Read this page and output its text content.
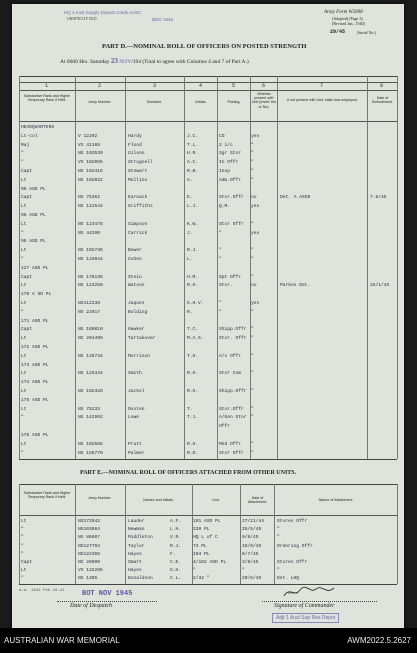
HQ 1 Aust Supply Depots Cmds AASC
UNSPECIFIED	BNO 1945
Army Form W3008
(Adapted) (Page 3)
(Revised Jan., 1940)
29/45	(Serial No.)
PART D.—NOMINAL ROLL OF OFFICERS ON POSTED STRENGTH
At 0600 Hrs. Saturday 23 NOV/194 (Total to agree with Columns 4 and 7 of Part A.)
1	2	3	4	5	6	7	8
Substantive Rank and Higher Temporary Rank if Held.	Army Number.	Surname.	Initials.	Posting.
Whether present with Unit (Insert Yes or No).
If not present with Unit, state how employed.	Date of Embodiment.
HEADQUARTERS
Lt-col	V 12202	Hardy	J.C.	CO	yes
Maj	VX 41108	Flood	T.L.	2 i/c	"
"	NX 103530	Gilson	H.R.	Sgr Stor	"
"	VX 102056	Strugnell	A.C.	In Offr	"
Capt	NX 102416	Stewart	R.B.	Insp	"
Lt	NX 102022	Mullins	A.	Adm.Offr	"
96 ASD PL
Capt	NX 75362	Earnack	E.	Stor.Offr	no	Det. A ASOD	7.8/45
Lt	NX 112544	Griffiths	L.J.	Q.M.	yes
98 ASD PL
Lt	NX 123478	Simpson	K.W.	Stor Offr	"
"	NX 44290	Carrick	J.	"	yes
95 ASD PL
Lt	NX 102746	Bower	R.J.	"	"
"	NX 134044	Cohen	L.	"	"
127 ASD PL
Capt	NX 176136	Stein	H.M.	Spt Offr	"
Lt	NX 123250	Watson	R.H.	Stor.	no	Parkes Det.	25/1/45
170 A SD PL
Lt	NX112238	Jaques	G.H.V.	"	yes
"	NX 22917	Bolding	R.	"	"
171 ASD PL
Capt	NX 180810	Hawker	T.C.	Shipp.Offr "
Lt	NX 204499	Tartakover	M.A.S.	Stor. Offr "
172 ASD PL
Lt	NX 135734	Morrison	T.H.	A/s Offr	"
173 ASD PL
Lt	NX 125444	Smith	R.H.	Stor Com	"
174 ASD PL
Lt	NX 102320	Jackel	R.H.	Shipp.Offr "
175 ASD PL
Lt	NX 75233	Oxsten	T.	Stor.Offr	"
"	NX 142992	Lowe	T.J.	A/Gen Stor "
Offr
176 ASD PL
Lt	NX 102586	Pratt	R.H.	Med Offr	"
"	NX 156770	Palmer	R.D.	Stor Offr	"
PART E.—NOMINAL ROLL OF OFFICERS ATTACHED FROM OTHER UNITS.
Substantive Rank and Higher Temporary Rank if Held.	Army Number.	Names and Initials.	Unit.	Date of Attachment.
Nature of Attachment.
Lt	NX172942	Lauder	A.F.	101 ASD PL	27/11/44	Stores Offr
"	NX103664	Newman	L.H.	239 PL	25/5/45	"
"	NX 86607	Middleton	V.R.	HQ L of C	9/8/45	"
"	NX127794	Taylor	R.J.	73 PL	18/6/45	Ordering Offr
"	NX122365	Hayes	F.	104 PL	6/7/45
Capt	NX 20890	Smart	C.E.	4/162 ASD PL	3/8/45	Stores Offr
Lt	VX 132286	Hayes	G.H.	"	"	"
"	NX 1365	Donaldson	C.L.	2/32 "	20/6/45	Det. LHQ
a.w. 1944 Feb 10-41 BOT NOV 1945
Date of Despatch	Signature of Commander
Adjt 1 Aust Sup Res Depot
AUSTRALIAN WAR MEMORIAL	AWM2022.5.2627
